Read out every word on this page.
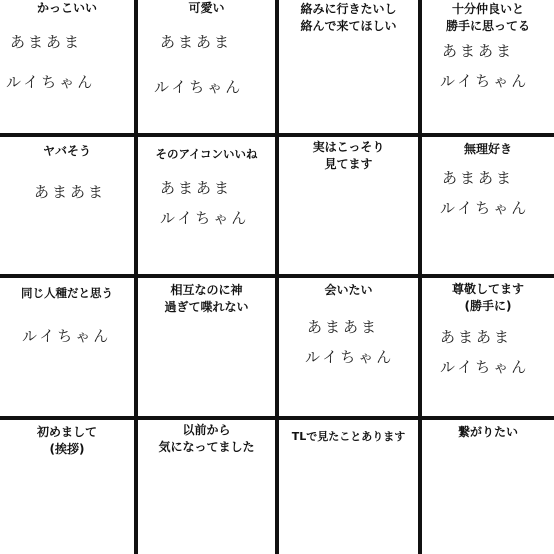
かっこいい
あまあま
ルイちゃん
可愛い
あまあま
ルイちゃん
絡みに行きたいし
絡んで来てほしい
十分仲良いと
勝手に思ってる
あまあま
ルイちゃん
ヤバそう
あまあま
そのアイコンいいね
あまあま
ルイちゃん
実はこっそり
見てます
無理好き
あまあま
ルイちゃん
同じ人種だと思う
ルイちゃん
相互なのに神
過ぎて喋れない
会いたい
あまあま
ルイちゃん
尊敬してます
(勝手に)
あまあま
ルイちゃん
初めまして
(挨拶)
以前から
気になってました
TLで見たことあります	繋がりたい
